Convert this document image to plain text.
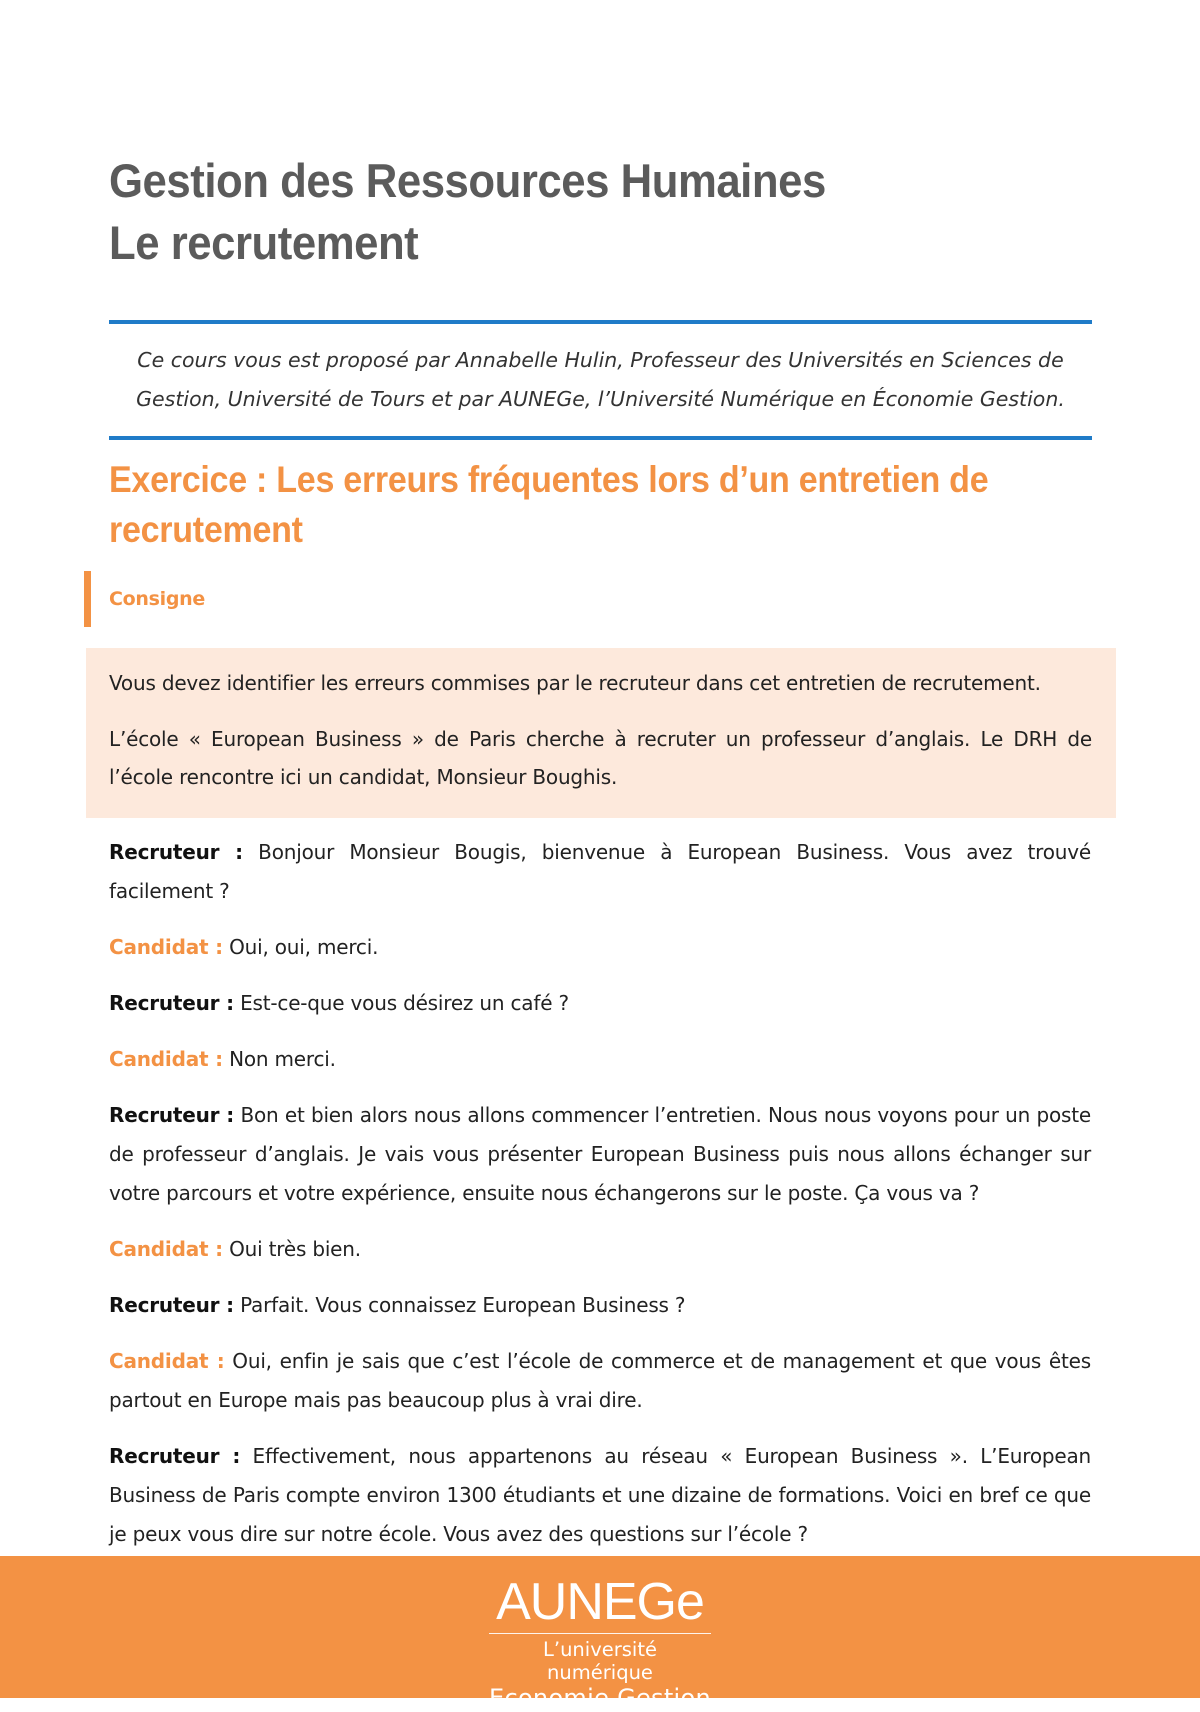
Gestion des Ressources Humaines
Le recrutement

Ce cours vous est proposé par Annabelle Hulin, Professeur des Universités en Sciences de Gestion, Université de Tours et par AUNEGe, l’Université Numérique en Économie Gestion.

Exercice : Les erreurs fréquentes lors d’un entretien de recrutement
Consigne

Vous devez identifier les erreurs commises par le recruteur dans cet entretien de recrutement.

L’école « European Business » de Paris cherche à recruter un professeur d’anglais. Le DRH de l’école rencontre ici un candidat, Monsieur Boughis.

Recruteur : Bonjour Monsieur Bougis, bienvenue à European Business. Vous avez trouvé facilement ?

Candidat : Oui, oui, merci.

Recruteur : Est-ce-que vous désirez un café ?

Candidat : Non merci.

Recruteur : Bon et bien alors nous allons commencer l’entretien. Nous nous voyons pour un poste de professeur d’anglais. Je vais vous présenter European Business puis nous allons échanger sur votre parcours et votre expérience, ensuite nous échangerons sur le poste. Ça vous va ?

Candidat : Oui très bien.

Recruteur : Parfait. Vous connaissez European Business ?

Candidat : Oui, enfin je sais que c’est l’école de commerce et de management et que vous êtes partout en Europe mais pas beaucoup plus à vrai dire.

Recruteur : Effectivement, nous appartenons au réseau « European Business ». L’European Business de Paris compte environ 1300 étudiants et une dizaine de formations. Voici en bref ce que je peux vous dire sur notre école. Vous avez des questions sur l’école ?

AUNEGe
L’université numérique
Economie Gestion
